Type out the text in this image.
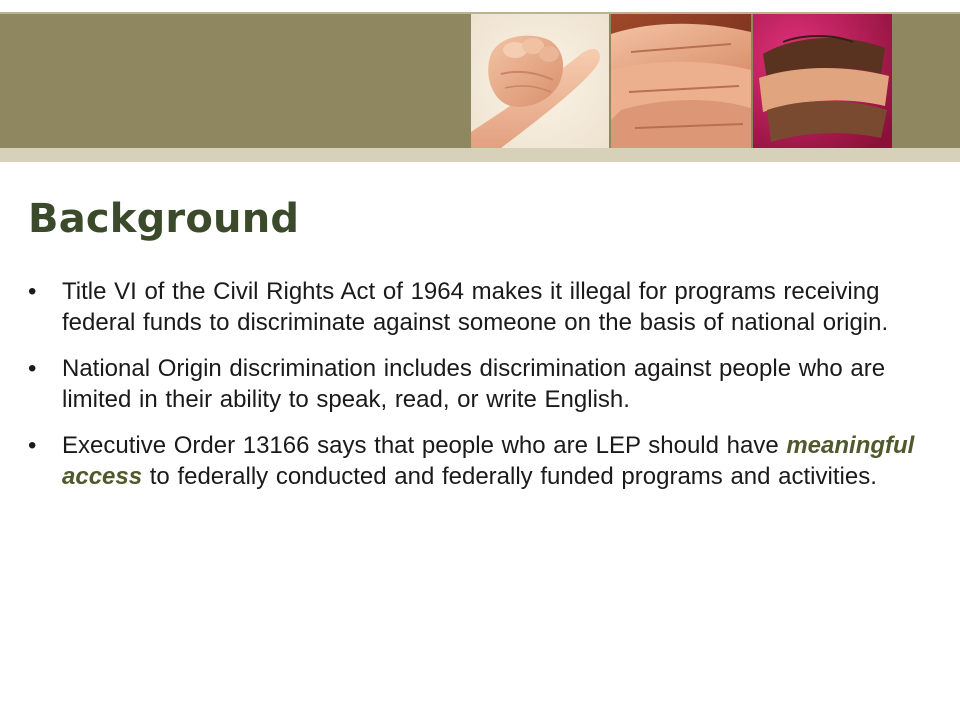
Background
• Title VI of the Civil Rights Act of 1964 makes it illegal for programs receiving federal funds to discriminate against someone on the basis of national origin.
• National Origin discrimination includes discrimination against people who are limited in their ability to speak, read, or write English.
• Executive Order 13166 says that people who are LEP should have meaningful access to federally conducted and federally funded programs and activities.
